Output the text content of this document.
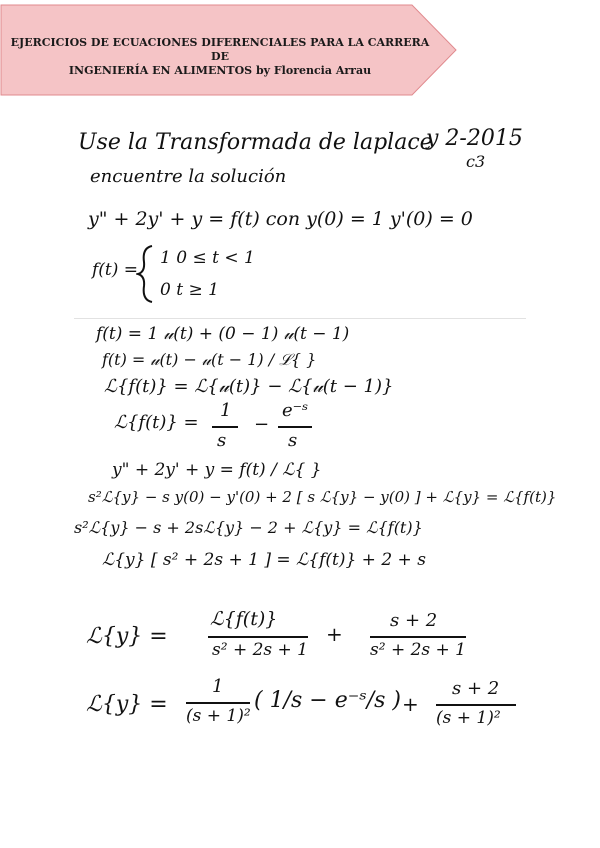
EJERCICIOS DE ECUACIONES DIFERENCIALES PARA LA CARRERA DE
INGENIERÍA EN ALIMENTOS by Florencia Arrau
Use la Transformada de laplace
y 2-2015
c3
encuentre la solución
y" + 2y' + y = f(t) con y(0) = 1 y'(0) = 0
f(t) =
1 0 ≤ t < 1
0 t ≥ 1
f(t) = 1 𝓊(t) + (0 − 1) 𝓊(t − 1)
f(t) = 𝓊(t) − 𝓊(t − 1) / ℒ{ }
ℒ{f(t)} = ℒ{𝓊(t)} − ℒ{𝓊(t − 1)}
ℒ{f(t)} =
1
s
−
e⁻ˢ
s
y" + 2y' + y = f(t) / ℒ{ }
s²ℒ{y} − s y(0) − y'(0) + 2 [ s ℒ{y} − y(0) ] + ℒ{y} = ℒ{f(t)}
s²ℒ{y} − s + 2sℒ{y} − 2 + ℒ{y} = ℒ{f(t)}
ℒ{y} [ s² + 2s + 1 ] = ℒ{f(t)} + 2 + s
ℒ{y} =
ℒ{f(t)}
s² + 2s + 1
+
s + 2
s² + 2s + 1
ℒ{y} =
1
(s + 1)²
( 1/s − e⁻ˢ/s ) +
s + 2
(s + 1)²
